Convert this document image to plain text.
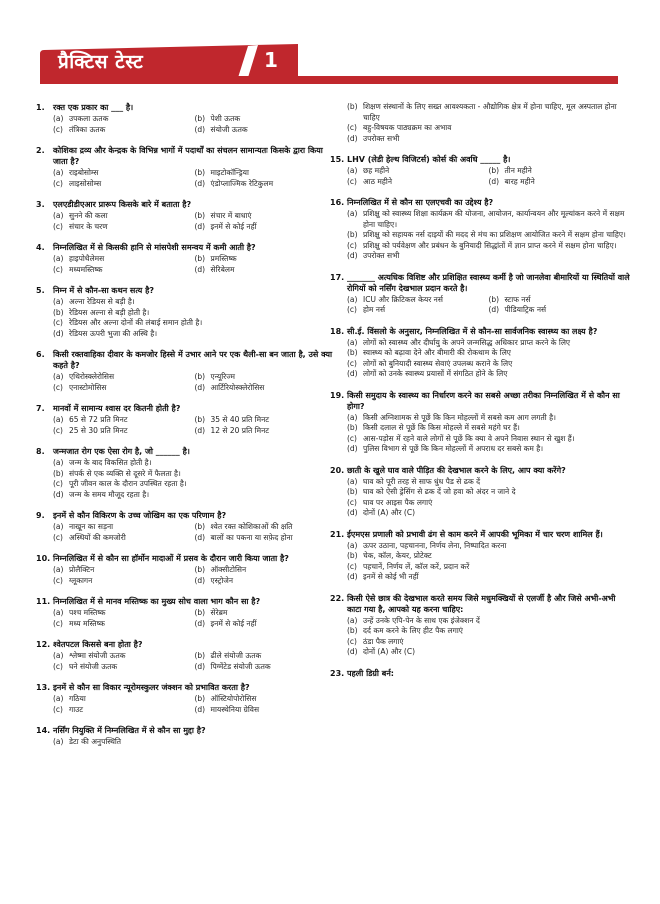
प्रैक्टिस टेस्ट	1
1.	रक्त एक प्रकार का ___ है।
(a) उपकला ऊतक	(b) पेशी ऊतक
(c) तंत्रिका ऊतक	(d) संयोजी ऊतक
2.	कोशिका द्रव्य और केन्द्रक के विभिन्न भागों में पदार्थों का संचलन सामान्यतः किसके द्वारा किया जाता है?
(a) राइबोसोम्स	(b) माइटोकॉन्ड्रिया
(c) लाइसोसोम्स	(d) एंडोप्लाज्मिक रेटिकुलम
3.	एलएडीडीएआर प्रारूप किसके बारे में बताता है?
(a) सुनने की कला	(b) संचार में बाधाएं
(c) संचार के चरण	(d) इनमें से कोई नहीं
4.	निम्नलिखित में से किसकी हानि से मांसपेशी समन्वय में कमी आती है?
(a) हाइपोथैलेमस	(b) प्रमस्तिष्क
(c) मध्यमस्तिष्क	(d) सेरिबेलम
5.	निम्न में से कौन-सा कथन सत्य है?
(a) अल्ना रेडियस से बड़ी है।
(b) रेडियस अल्ना से बड़ी होती है।
(c) रेडियस और अल्ना दोनों की लंबाई समान होती है।
(d) रेडियस ऊपरी भुजा की अस्थि है।
6.	किसी रक्तवाहिका दीवार के कमजोर हिस्से में उभार आने पर एक थैली-सा बन जाता है, उसे क्या कहते है?
(a) एथिरोस्क्लेरोसिस	(b) एन्यूरिज्म
(c) एनास्टोमोसिस	(d) आर्टिरियोस्क्लेरोसिस
7.	मानवों में सामान्य श्वास दर कितनी होती है?
(a) 65 से 72 प्रति मिनट	(b) 35 से 40 प्रति मिनट
(c) 25 से 30 प्रति मिनट	(d) 12 से 20 प्रति मिनट
8.	जन्मजात रोग एक ऐसा रोग है, जो ______ है।
(a) जन्म के बाद विकसित होती है।
(b) संपर्क से एक व्यक्ति से दूसरे में फैलता है।
(c) पूरी जीवन काल के दौरान उपस्थित रहता है।
(d) जन्म के समय मौजूद रहता है।
9.	इनमें से कौन विकिरण के उच्च जोखिम का एक परिणाम है?
(a) नाखून का सड़ना	(b) श्वेत रक्त कोशिकाओं की क्षति
(c) अस्थियों की कमजोरी	(d) बालों का पकना या सफ़ेद होना
10. निम्नलिखित में से कौन सा हॉर्मोन मादाओं में प्रसव के दौरान जारी किया जाता है?
(a) प्रोलैक्टिन	(b) ऑक्सीटोसिन
(c) ग्लूकागन	(d) एस्ट्रोजेन
11. निम्नलिखित में से मानव मस्तिष्क का मुख्य सोच वाला भाग कौन सा है?
(a) पश्च मस्तिष्क	(b) सेरेब्रम
(c) मध्य मस्तिष्क	(d) इनमें से कोई नहीं
12. श्वेतपटल किससे बना होता है?
(a) श्लेष्मा संयोजी ऊतक	(b) ढीले संयोजी ऊतक
(c) घने संयोजी ऊतक	(d) पिग्मेंटेड संयोजी ऊतक
13. इनमें से कौन सा विकार न्यूरोमस्कुलर जंक्शन को प्रभावित करता है?
(a) गठिया	(b) ऑस्टियोपोरोसिस
(c) गाउट	(d) मायस्थेनिया ग्रेविस
14. नर्सिंग नियुक्ति में निम्नलिखित में से कौन सा मुद्दा है?
(a) डेटा की अनुपस्थिति
(b) शिक्षण संस्थानों के लिए सख्त आवश्यकता - औद्योगिक क्षेत्र में होना चाहिए, मूल अस्पताल होना चाहिए
(c) बहु-विषयक पाठ्यक्रम का अभाव
(d) उपरोक्त सभी
15. LHV (लेडी हेल्थ विजिटर्स) कोर्स की अवधि _____ है।
(a) छह महीने	(b) तीन महीने
(c) आठ महीने	(d) बारह महीने
16. निम्नलिखित में से कौन सा एलएचवी का उद्देश्य है?
(a) प्रशिक्षु को स्वास्थ्य शिक्षा कार्यक्रम की योजना, आयोजन, कार्यान्वयन और मूल्यांकन करने में सक्षम होना चाहिए।
(b) प्रशिक्षु को सहायक नर्स दाइयों की मदद से मंच का प्रशिक्षण आयोजित करने में सक्षम होना चाहिए।
(c) प्रशिक्षु को पर्यवेक्षण और प्रबंधन के बुनियादी सिद्धांतों में ज्ञान प्राप्त करने में सक्षम होना चाहिए।
(d) उपरोक्त सभी
17. _______ अत्यधिक विशिष्ट और प्रशिक्षित स्वास्थ्य कर्मी है जो जानलेवा बीमारियों या स्थितियों वाले रोगियों को नर्सिंग देखभाल प्रदान करते है।
(a) ICU और क्रिटिकल केयर नर्स	(b) स्टाफ नर्स
(c) होम नर्स	(d) पीडियाट्रिक नर्स
18. सी.ई. विंसलो के अनुसार, निम्नलिखित में से कौन-सा सार्वजनिक स्वास्थ्य का लक्ष्य है?
(a) लोगों को स्वास्थ्य और दीर्घायु के अपने जन्मसिद्ध अधिकार प्राप्त करने के लिए
(b) स्वास्थ्य को बढ़ावा देने और बीमारी की रोकथाम के लिए
(c) लोगों को बुनियादी स्वास्थ्य सेवाएं उपलब्ध कराने के लिए
(d) लोगों को उनके स्वास्थ्य प्रयासों में संगठित होने के लिए
19. किसी समुदाय के स्वास्थ्य का निर्धारण करने का सबसे अच्छा तरीका निम्नलिखित में से कौन सा होगा?
(a) किसी अग्निशामक से पूछें कि किन मोहल्लों में सबसे कम आग लगती है।
(b) किसी दलाल से पूछें कि किस मोहल्ले में सबसे महंगे घर हैं।
(c) आस-पड़ोस में रहने वाले लोगों से पूछें कि क्या वे अपने निवास स्थान से खुश हैं।
(d) पुलिस विभाग से पूछें कि किन मोहल्लों में अपराध दर सबसे कम है।
20. छाती के खुले घाव वाले पीड़ित की देखभाल करने के लिए, आप क्या करेंगे?
(a) घाव को पूरी तरह से साफ धुंध पैड से ढक दें
(b) घाव को ऐसी ड्रेसिंग से ढक दें जो हवा को अंदर न जाने दे
(c) घाव पर आइस पैक लगाएं
(d) दोनों (A) और (C)
21. ईएमएस प्रणाली को प्रभावी ढंग से काम करने में आपकी भूमिका में चार चरण शामिल हैं।
(a) ऊपर उठाना, पहचानना, निर्णय लेना, निष्पादित करना
(b) चेक, कॉल, केयर, प्रोटेक्ट
(c) पहचानें, निर्णय लें, कॉल करें, प्रदान करें
(d) इनमें से कोई भी नहीं
22. किसी ऐसे छात्र की देखभाल करते समय जिसे मधुमक्खियों से एलर्जी है और जिसे अभी-अभी काटा गया है, आपको यह करना चाहिए:
(a) उन्हें उनके एपि-पेन के साथ एक इंजेक्शन दें
(b) दर्द कम करने के लिए हीट पैक लगाएं
(c) ठंडा पैक लगाएं
(d) दोनों (A) और (C)
23. पहली डिग्री बर्न:
